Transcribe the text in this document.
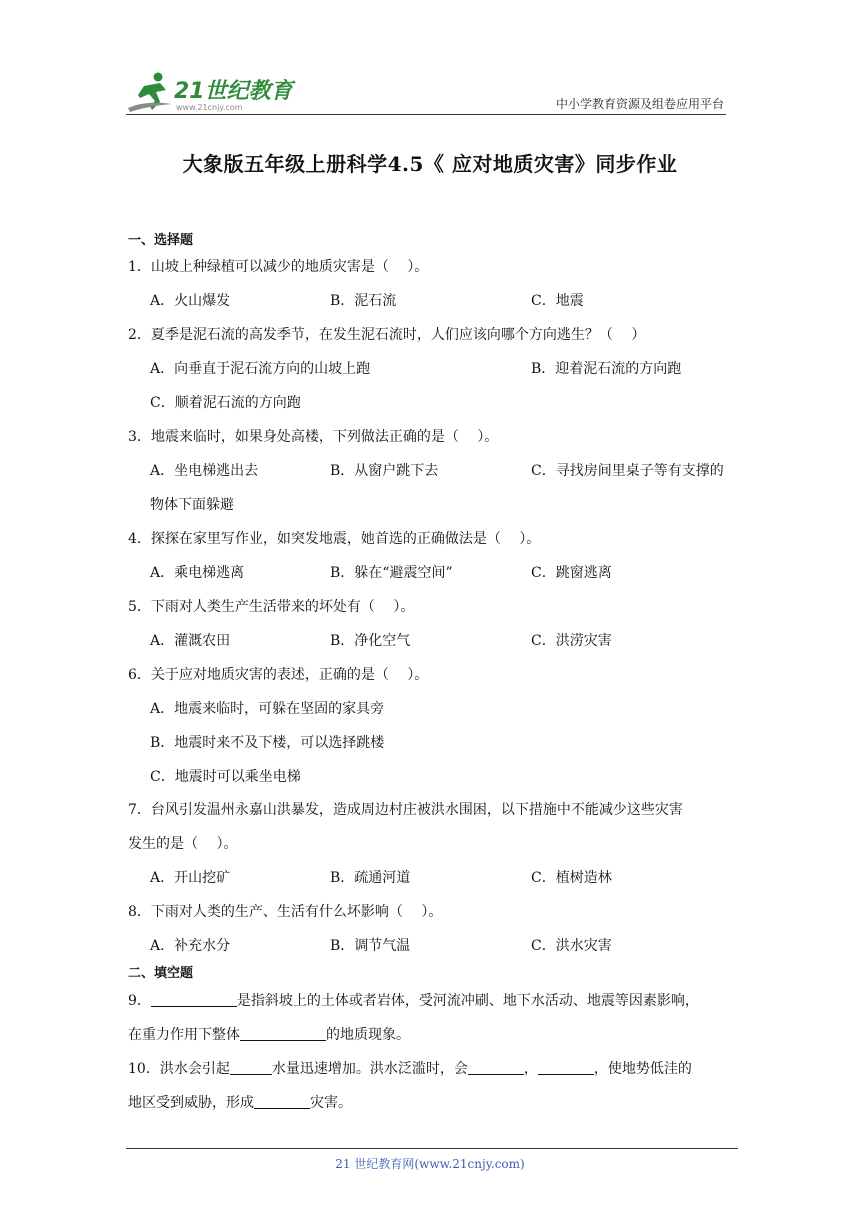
21世纪教育
www.21cnjy.com	中小学教育资源及组卷应用平台
大象版五年级上册科学4.5《 应对地质灾害》同步作业
一、选择题
1．山坡上种绿植可以减少的地质灾害是（　 ）。
A．火山爆发	B．泥石流	C．地震
2．夏季是泥石流的高发季节，在发生泥石流时，人们应该向哪个方向逃生？（　 ）
A．向垂直于泥石流方向的山坡上跑	B．迎着泥石流的方向跑
C．顺着泥石流的方向跑
3．地震来临时，如果身处高楼，下列做法正确的是（　 ）。
A．坐电梯逃出去	B．从窗户跳下去	C．寻找房间里桌子等有支撑的
物体下面躲避
4．探探在家里写作业，如突发地震，她首选的正确做法是（　 ）。
A．乘电梯逃离	B．躲在“避震空间”	C．跳窗逃离
5．下雨对人类生产生活带来的坏处有（　 ）。
A．灌溉农田	B．净化空气	C．洪涝灾害
6．关于应对地质灾害的表述，正确的是（　 ）。
A．地震来临时，可躲在坚固的家具旁
B．地震时来不及下楼，可以选择跳楼
C．地震时可以乘坐电梯
7．台风引发温州永嘉山洪暴发，造成周边村庄被洪水围困，以下措施中不能减少这些灾害
发生的是（　 ）。
A．开山挖矿	B．疏通河道	C．植树造林
8．下雨对人类的生产、生活有什么坏影响（　 ）。
A．补充水分	B．调节气温	C．洪水灾害
二、填空题
9．	是指斜坡上的土体或者岩体，受河流冲刷、地下水活动、地震等因素影响，
在重力作用下整体	的地质现象。
10．洪水会引起	水量迅速增加。洪水泛滥时，会	，	，使地势低洼的
地区受到威胁，形成	灾害。
21 世纪教育网(www.21cnjy.com)
